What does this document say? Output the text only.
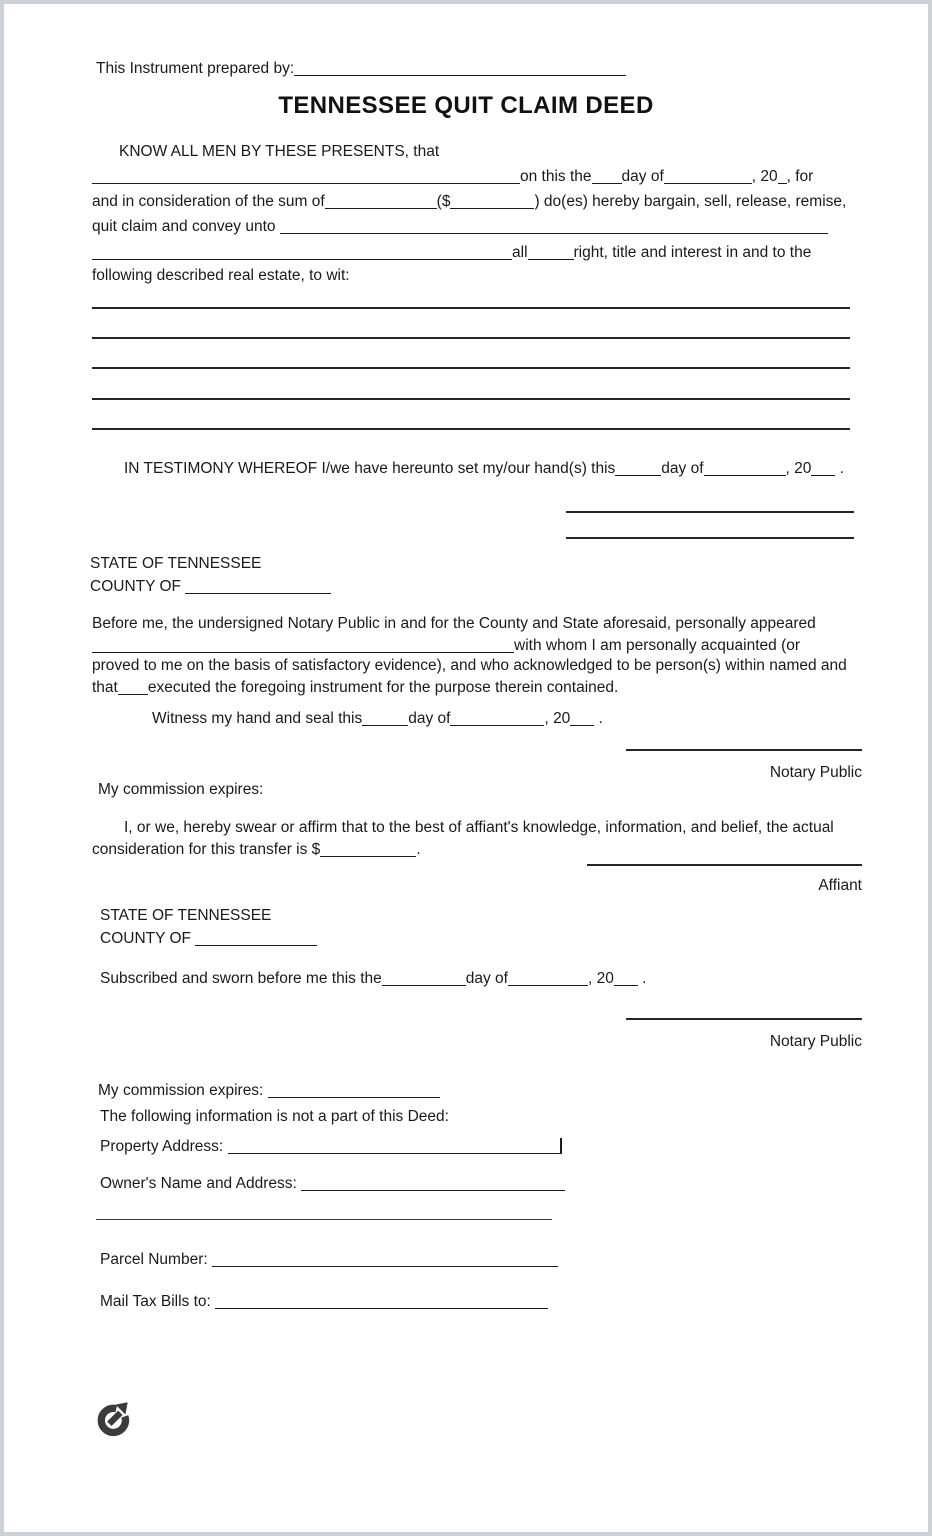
This Instrument prepared by:
TENNESSEE QUIT CLAIM DEED
KNOW ALL MEN BY THESE PRESENTS, that
on this the day of	, 20 , for
and in consideration of the sum of	($	) do(es) hereby bargain, sell, release, remise,
quit claim and convey unto
all	right, title and interest in and to the
following described real estate, to wit:
IN TESTIMONY WHEREOF I/we have hereunto set my/our hand(s) this	day of	, 20 .
STATE OF TENNESSEE
COUNTY OF
Before me, the undersigned Notary Public in and for the County and State aforesaid, personally appeared
with whom I am personally acquainted (or
proved to me on the basis of satisfactory evidence), and who acknowledged to be person(s) within named and
that executed the foregoing instrument for the purpose therein contained.
Witness my hand and seal this	day of	, 20 .
Notary Public
My commission expires:
I, or we, hereby swear or affirm that to the best of affiant's knowledge, information, and belief, the actual
consideration for this transfer is $	.
Affiant
STATE OF TENNESSEE
COUNTY OF
Subscribed and sworn before me this the	day of	, 20 .
Notary Public
My commission expires:
The following information is not a part of this Deed:
Property Address:
Owner's Name and Address:
Parcel Number:
Mail Tax Bills to:
